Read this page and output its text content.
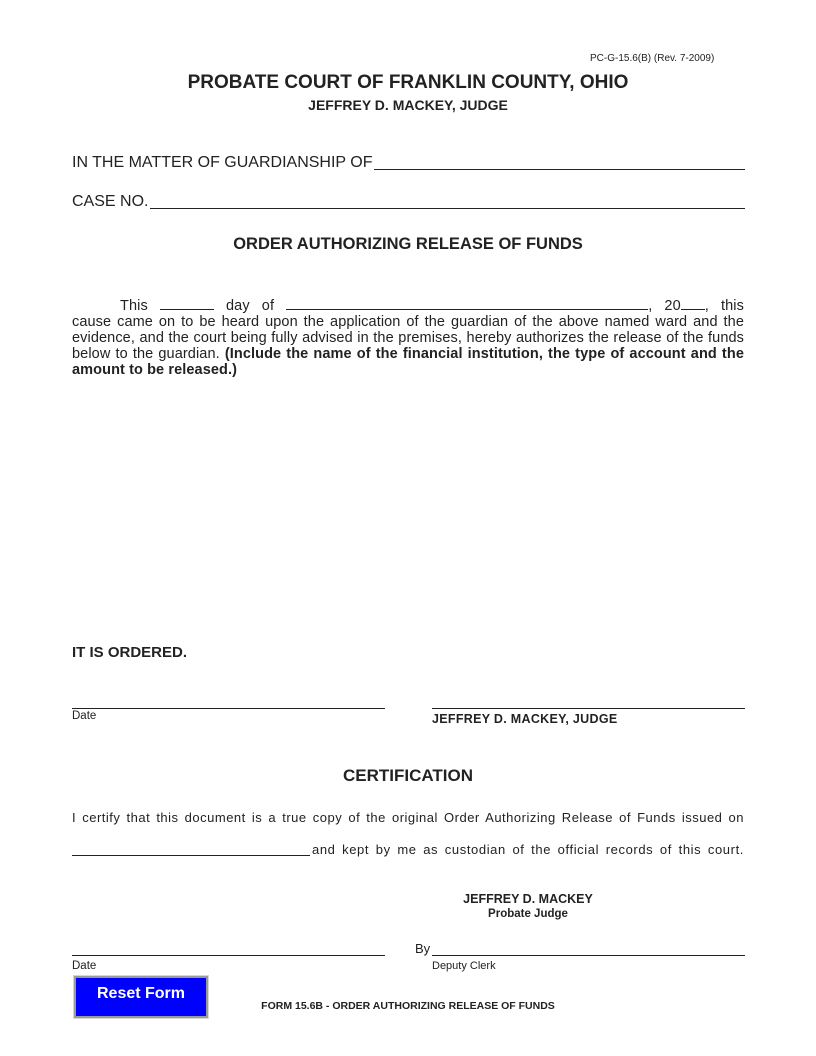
PC-G-15.6(B) (Rev. 7-2009)
PROBATE COURT OF FRANKLIN COUNTY, OHIO
JEFFREY D. MACKEY, JUDGE
IN THE MATTER OF GUARDIANSHIP OF
CASE NO.
ORDER AUTHORIZING RELEASE OF FUNDS
This	day of	, 20 , this
cause came on to be heard upon the application of the guardian of the above named ward and the evidence, and the court being fully advised in the premises, hereby authorizes the release of the funds below to the guardian. (Include the name of the financial institution, the type of account and the amount to be released.)
IT IS ORDERED.
Date	JEFFREY D. MACKEY, JUDGE
CERTIFICATION
I certify that this document is a true copy of the original Order Authorizing Release of Funds issued on
and kept by me as custodian of the official records of this court.
JEFFREY D. MACKEY
Probate Judge
Date
By
Deputy Clerk
Reset Form
FORM 15.6B - ORDER AUTHORIZING RELEASE OF FUNDS
